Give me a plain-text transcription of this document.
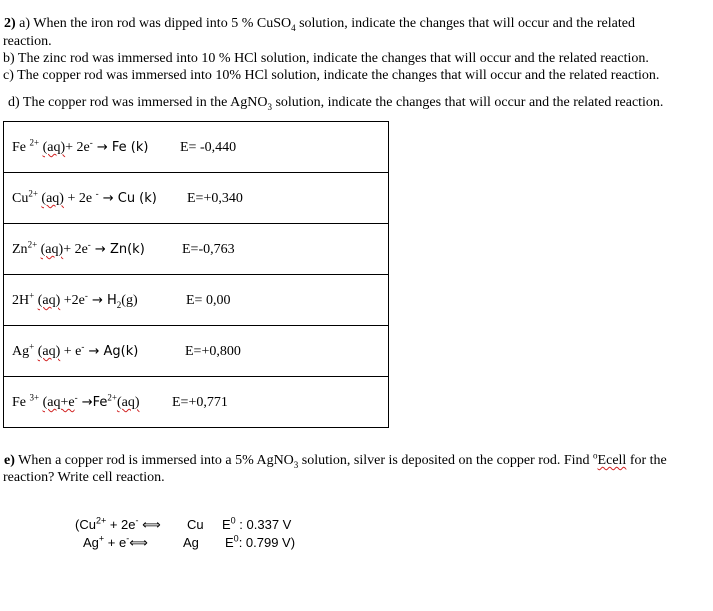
2) a) When the iron rod was dipped into 5 % CuSO$_4$ solution, indicate the changes that will occur and the related
reaction.
b) The zinc rod was immersed into 10 % HCl solution, indicate the changes that will occur and the related reaction.
c) The copper rod was immersed into 10% HCl solution, indicate the changes that will occur and the related reaction.
d) The copper rod was immersed in the AgNO$_3$ solution, indicate the changes that will occur and the related reaction.
Fe $^{2+}$ (aq)+ 2e- → Fe (k) E= -0,440

$Cu^{2+}$ (aq) + 2e - → Cu (k) E=+0,340

$Zn^{2+}$ (aq)+ 2e- → Zn(k)	E=-0,763

2H+ $(aq) +2e^- \to H_2(g)$	E= 0,00

Ag+ (aq) + e- → Ag(k)	E=+0,800

Fe $^{3+}$ ($aq+e^- \to Fe^{2+}(aq)$ E=+0,771
e) When a copper rod is immersed into a 5% AgNO$_3$ solution, silver is deposited on the copper rod. Find $^o$Ecell for the
reaction? Write cell reaction.
($Cu^{2+} + 2e^-$ ⟺ Cu $E^0$ : 0.337 V
Ag+ + e-⟺	Ag $E^0$: 0.799 V)
